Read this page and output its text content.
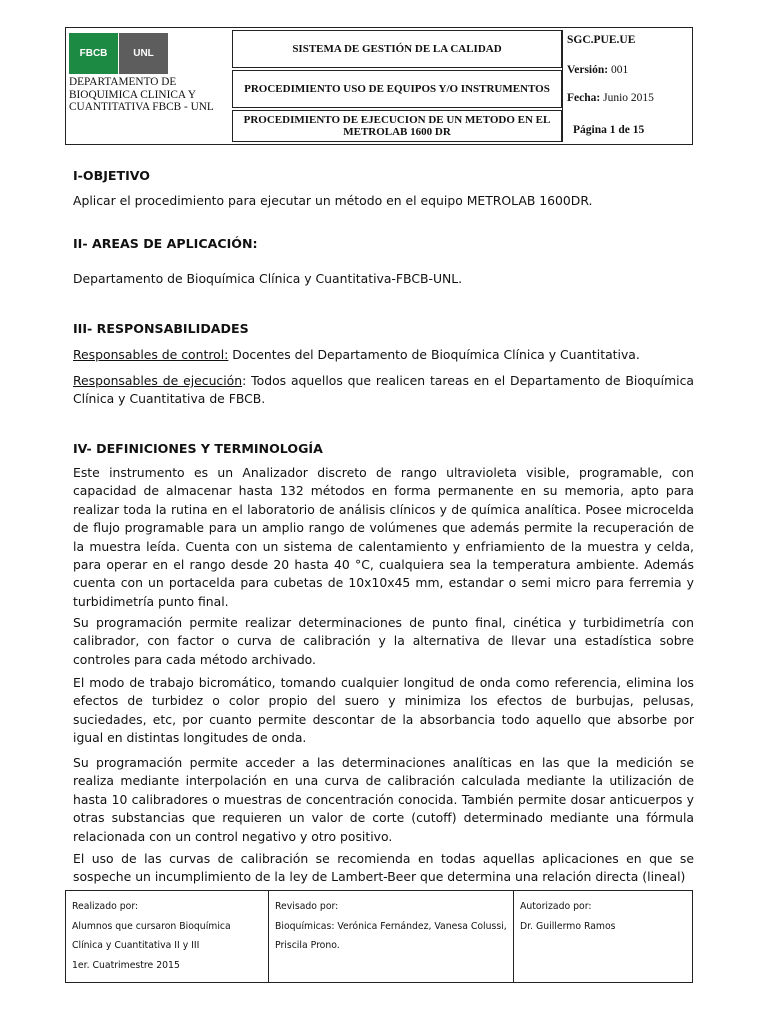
FBCB	UNL
DEPARTAMENTO DE BIOQUIMICA CLINICA Y CUANTITATIVA FBCB - UNL
SISTEMA DE GESTIÓN DE LA CALIDAD
PROCEDIMIENTO USO DE EQUIPOS Y/O INSTRUMENTOS
PROCEDIMIENTO DE EJECUCION DE UN METODO EN EL METROLAB 1600 DR
SGC.PUE.UE
Versión: 001
Fecha: Junio 2015
Página 1 de 15
I-OBJETIVO
Aplicar el procedimiento para ejecutar un método en el equipo METROLAB 1600DR.
II- AREAS DE APLICACIÓN:
Departamento de Bioquímica Clínica y Cuantitativa-FBCB-UNL.
III- RESPONSABILIDADES
Responsables de control: Docentes del Departamento de Bioquímica Clínica y Cuantitativa.
Responsables de ejecución: Todos aquellos que realicen tareas en el Departamento de Bioquímica Clínica y Cuantitativa de FBCB.
IV- DEFINICIONES Y TERMINOLOGÍA
Este instrumento es un Analizador discreto de rango ultravioleta visible, programable, con capacidad de almacenar hasta 132 métodos en forma permanente en su memoria, apto para realizar toda la rutina en el laboratorio de análisis clínicos y de química analítica. Posee microcelda de flujo programable para un amplio rango de volúmenes que además permite la recuperación de la muestra leída. Cuenta con un sistema de calentamiento y enfriamiento de la muestra y celda, para operar en el rango desde 20 hasta 40 °C, cualquiera sea la temperatura ambiente. Además cuenta con un portacelda para cubetas de 10x10x45 mm, estandar o semi micro para ferremia y turbidimetría punto final.
Su programación permite realizar determinaciones de punto final, cinética y turbidimetría con calibrador, con factor o curva de calibración y la alternativa de llevar una estadística sobre controles para cada método archivado.
El modo de trabajo bicromático, tomando cualquier longitud de onda como referencia, elimina los efectos de turbidez o color propio del suero y minimiza los efectos de burbujas, pelusas, suciedades, etc, por cuanto permite descontar de la absorbancia todo aquello que absorbe por igual en distintas longitudes de onda.
Su programación permite acceder a las determinaciones analíticas en las que la medición se realiza mediante interpolación en una curva de calibración calculada mediante la utilización de hasta 10 calibradores o muestras de concentración conocida. También permite dosar anticuerpos y otras substancias que requieren un valor de corte (cutoff) determinado mediante una fórmula relacionada con un control negativo y otro positivo.
El uso de las curvas de calibración se recomienda en todas aquellas aplicaciones en que se sospeche un incumplimiento de la ley de Lambert-Beer que determina una relación directa (lineal)
Realizado por:
Alumnos que cursaron Bioquímica
Clínica y Cuantitativa II y III
1er. Cuatrimestre 2015
Revisado por:
Bioquímicas: Verónica Fernández, Vanesa Colussi,
Priscila Prono.
Autorizado por:
Dr. Guillermo Ramos
